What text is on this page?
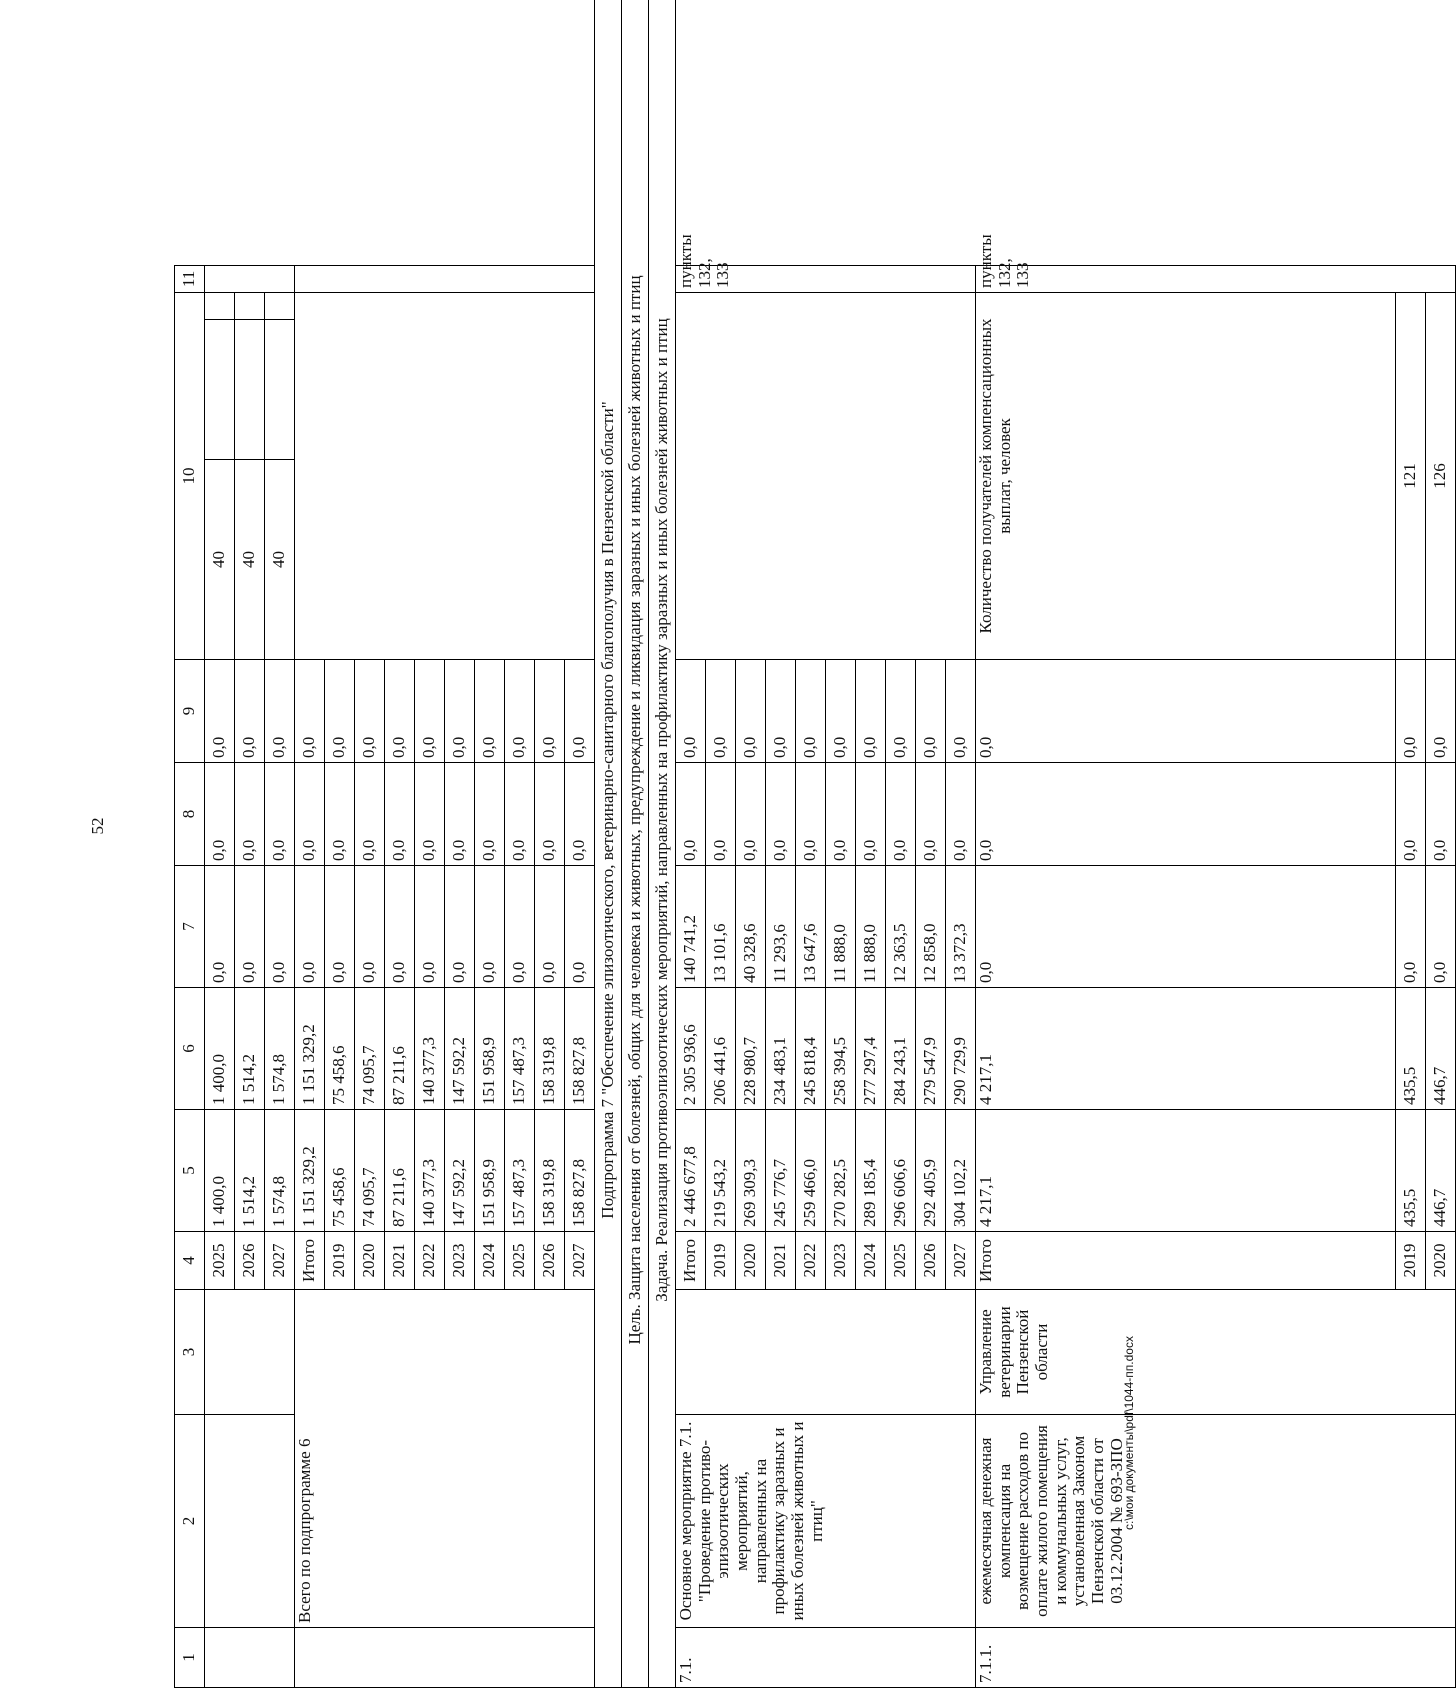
52
1	2	3	4	5	6	7	8	9	10			11
			2025	1 400,0	1 400,0	0,0	0,0	0,0	40			
			2026	1 514,2	1 514,2	0,0	0,0	0,0	40			
			2027	1 574,8	1 574,8	0,0	0,0	0,0	40			
	Всего по подпрограмме 6		Итого	1 151 329,2	1 151 329,2	0,0	0,0	0,0				
			2019	75 458,6	75 458,6	0,0	0,0	0,0				
			2020	74 095,7	74 095,7	0,0	0,0	0,0				
			2021	87 211,6	87 211,6	0,0	0,0	0,0				
			2022	140 377,3	140 377,3	0,0	0,0	0,0				
			2023	147 592,2	147 592,2	0,0	0,0	0,0				
			2024	151 958,9	151 958,9	0,0	0,0	0,0				
			2025	157 487,3	157 487,3	0,0	0,0	0,0				
			2026	158 319,8	158 319,8	0,0	0,0	0,0				
			2027	158 827,8	158 827,8	0,0	0,0	0,0				
Подпрограмма 7 "Обеспечение эпизоотического, ветеринарно-санитарного благополучия в Пензенской области"												
Цель. Защита населения от болезней, общих для человека и животных, предупреждение и ликвидация заразных и иных болезней животных и птиц												
Задача. Реализация противоэпизоотических мероприятий, направленных на профилактику заразных и иных болезней животных и птиц												
7.1.	Основное мероприятие 7.1. "Проведение противо-эпизоотических мероприятий, направленных на профилактику заразных и иных болезней животных и птиц"		Итого	2 446 677,8	2 305 936,6	140 741,2	0,0	0,0				пункты 132, 133
			2019	219 543,2	206 441,6	13 101,6	0,0	0,0				
			2020	269 309,3	228 980,7	40 328,6	0,0	0,0				
			2021	245 776,7	234 483,1	11 293,6	0,0	0,0				
			2022	259 466,0	245 818,4	13 647,6	0,0	0,0				
			2023	270 282,5	258 394,5	11 888,0	0,0	0,0				
			2024	289 185,4	277 297,4	11 888,0	0,0	0,0				
			2025	296 606,6	284 243,1	12 363,5	0,0	0,0				
			2026	292 405,9	279 547,9	12 858,0	0,0	0,0				
			2027	304 102,2	290 729,9	13 372,3	0,0	0,0				
7.1.1.	ежемесячная денежная компенсация на возмещение расходов по оплате жилого помещения и коммунальных услуг, установленная Законом Пензенской области от 03.12.2004 № 693-ЗПО	Управление ветеринарии Пензенской области	Итого	4 217,1	4 217,1	0,0	0,0	0,0	Количество получателей компенсационных выплат, человек			пункты 132, 133
			2019	435,5	435,5	0,0	0,0	0,0	121			
			2020	446,7	446,7	0,0	0,0	0,0	126			
c:\мои документы\pdf\1044-пп.docx
